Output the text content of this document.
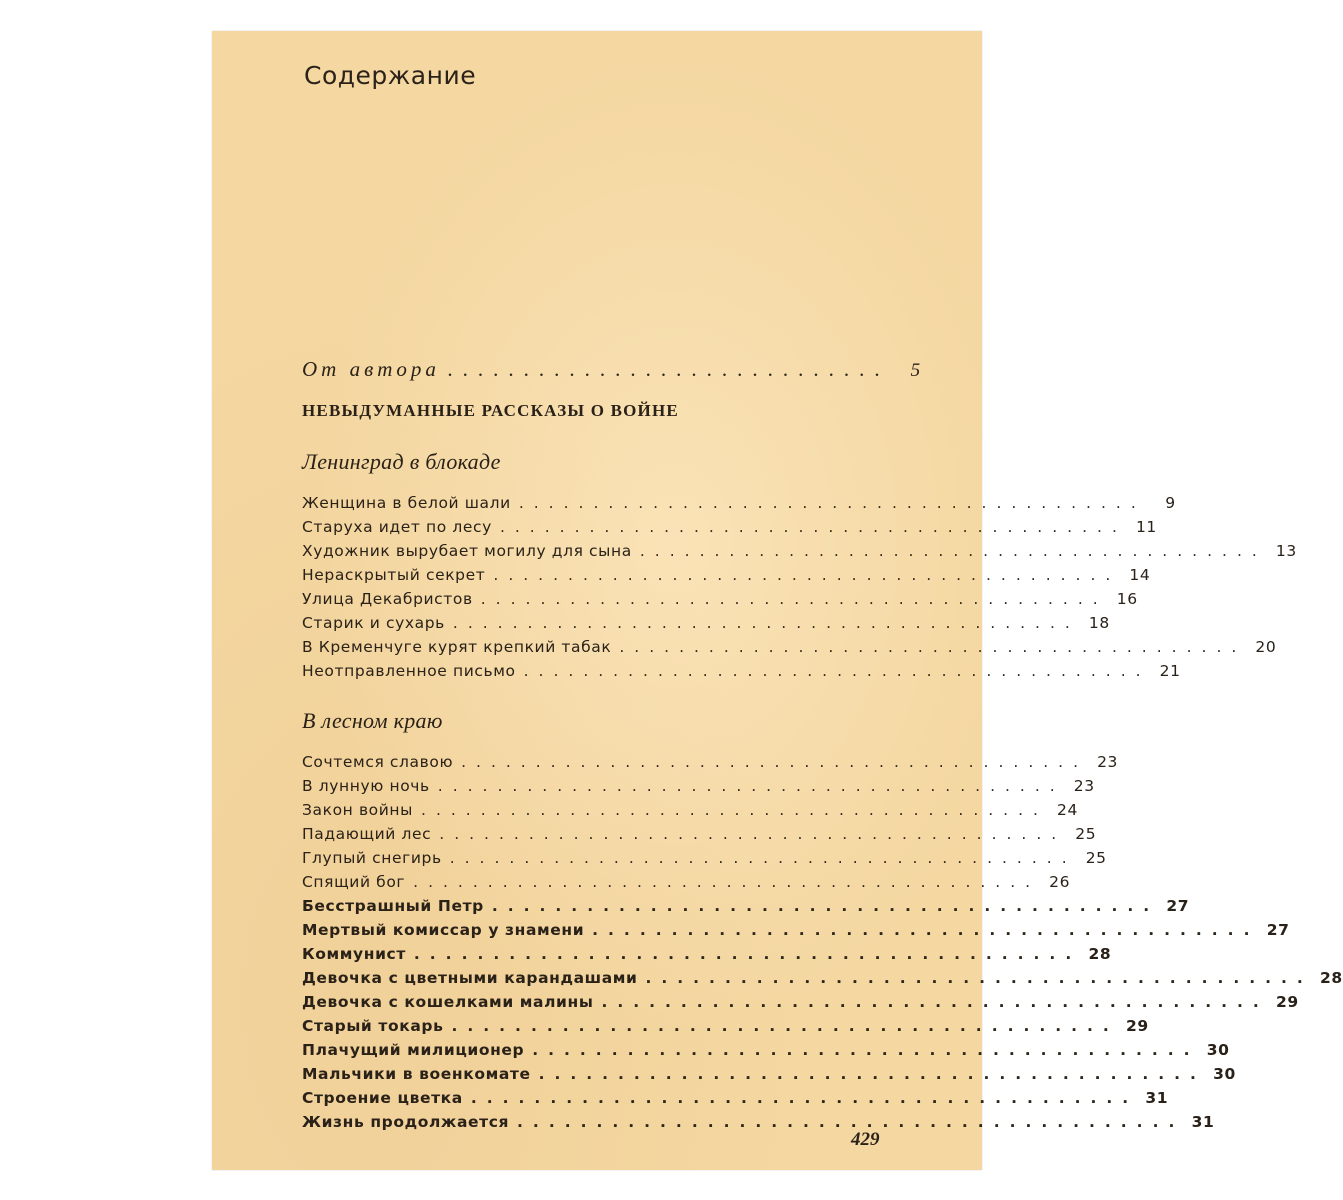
Содержание
От автора .............................	5
НЕВЫДУМАННЫЕ РАССКАЗЫ О ВОЙНЕ
Ленинград в блокаде
Женщина в белой шали ..........................................	9
Старуха идет по лесу .......................................... 11
Художник вырубает могилу для сына .......................................... 13
Нераскрытый секрет .......................................... 14
Улица Декабристов .......................................... 16
Старик и сухарь .......................................... 18
В Кременчуге курят крепкий табак .......................................... 20
Неотправленное письмо .......................................... 21
В лесном краю
Сочтемся славою .......................................... 23
В лунную ночь .......................................... 23
Закон войны .......................................... 24
Падающий лес .......................................... 25
Глупый снегирь .......................................... 25
Спящий бог .......................................... 26
Бесстрашный Петр .......................................... 27
Мертвый комиссар у знамени .......................................... 27
Коммунист .......................................... 28
Девочка с цветными карандашами .......................................... 28
Девочка с кошелками малины .......................................... 29
Старый токарь .......................................... 29
Плачущий милиционер .......................................... 30
Мальчики в военкомате .......................................... 30
Строение цветка .......................................... 31
Жизнь продолжается .......................................... 31
429
